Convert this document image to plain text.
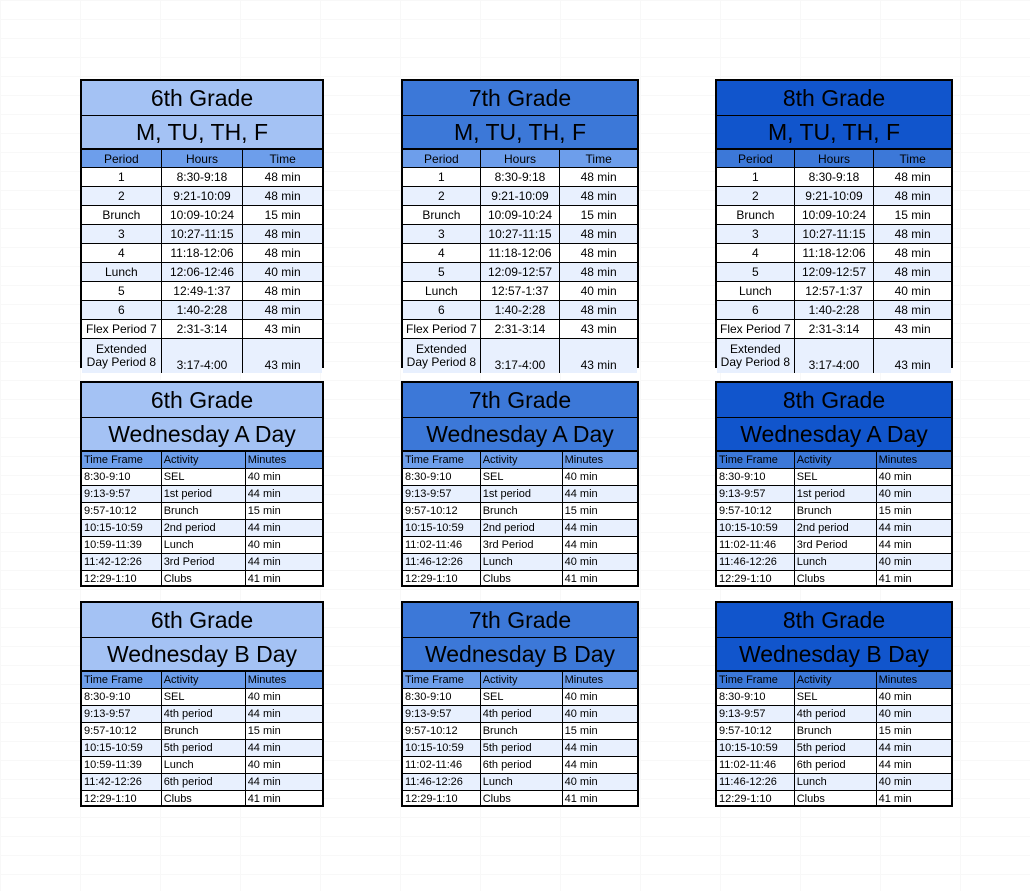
6th Grade
M, TU, TH, F
Period	Hours	Time
1	8:30-9:18	48 min
2	9:21-10:09	48 min
Brunch	10:09-10:24	15 min
3	10:27-11:15	48 min
4	11:18-12:06	48 min
Lunch	12:06-12:46	40 min
5	12:49-1:37	48 min
6	1:40-2:28	48 min
Flex Period 7	2:31-3:14	43 min
Extended Day Period 8	3:17-4:00	43 min
7th Grade
M, TU, TH, F
Period	Hours	Time
1	8:30-9:18	48 min
2	9:21-10:09	48 min
Brunch	10:09-10:24	15 min
3	10:27-11:15	48 min
4	11:18-12:06	48 min
5	12:09-12:57	48 min
Lunch	12:57-1:37	40 min
6	1:40-2:28	48 min
Flex Period 7	2:31-3:14	43 min
Extended Day Period 8	3:17-4:00	43 min
8th Grade
M, TU, TH, F
Period	Hours	Time
1	8:30-9:18	48 min
2	9:21-10:09	48 min
Brunch	10:09-10:24	15 min
3	10:27-11:15	48 min
4	11:18-12:06	48 min
5	12:09-12:57	48 min
Lunch	12:57-1:37	40 min
6	1:40-2:28	48 min
Flex Period 7	2:31-3:14	43 min
Extended Day Period 8	3:17-4:00	43 min
6th Grade
Wednesday A Day
Time Frame	Activity	Minutes
8:30-9:10	SEL	40 min
9:13-9:57	1st period	44 min
9:57-10:12	Brunch	15 min
10:15-10:59	2nd period	44 min
10:59-11:39	Lunch	40 min
11:42-12:26	3rd Period	44 min
12:29-1:10	Clubs	41 min
7th Grade
Wednesday A Day
Time Frame	Activity	Minutes
8:30-9:10	SEL	40 min
9:13-9:57	1st period	44 min
9:57-10:12	Brunch	15 min
10:15-10:59	2nd period	44 min
11:02-11:46	3rd Period	44 min
11:46-12:26	Lunch	40 min
12:29-1:10	Clubs	41 min
8th Grade
Wednesday A Day
Time Frame	Activity	Minutes
8:30-9:10	SEL	40 min
9:13-9:57	1st period	40 min
9:57-10:12	Brunch	15 min
10:15-10:59	2nd period	44 min
11:02-11:46	3rd Period	44 min
11:46-12:26	Lunch	40 min
12:29-1:10	Clubs	41 min
6th Grade
Wednesday B Day
Time Frame	Activity	Minutes
8:30-9:10	SEL	40 min
9:13-9:57	4th period	44 min
9:57-10:12	Brunch	15 min
10:15-10:59	5th period	44 min
10:59-11:39	Lunch	40 min
11:42-12:26	6th period	44 min
12:29-1:10	Clubs	41 min
7th Grade
Wednesday B Day
Time Frame	Activity	Minutes
8:30-9:10	SEL	40 min
9:13-9:57	4th period	40 min
9:57-10:12	Brunch	15 min
10:15-10:59	5th period	44 min
11:02-11:46	6th period	44 min
11:46-12:26	Lunch	40 min
12:29-1:10	Clubs	41 min
8th Grade
Wednesday B Day
Time Frame	Activity	Minutes
8:30-9:10	SEL	40 min
9:13-9:57	4th period	40 min
9:57-10:12	Brunch	15 min
10:15-10:59	5th period	44 min
11:02-11:46	6th period	44 min
11:46-12:26	Lunch	40 min
12:29-1:10	Clubs	41 min
